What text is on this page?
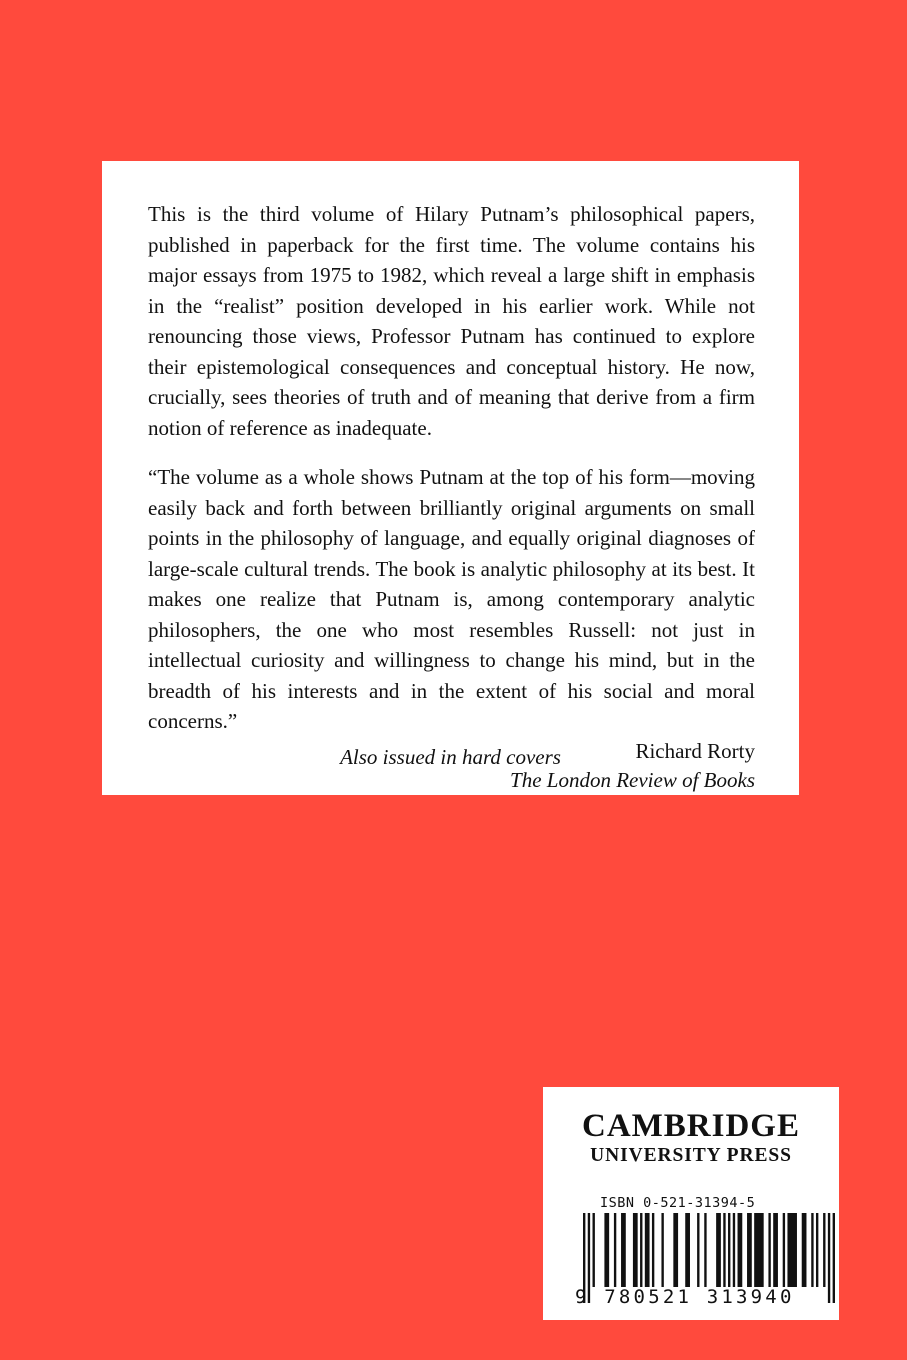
This is the third volume of Hilary Putnam’s philosophical papers, published in paperback for the first time. The volume contains his major essays from 1975 to 1982, which reveal a large shift in emphasis in the “realist” position developed in his earlier work. While not renouncing those views, Professor Putnam has continued to explore their epistemological consequences and conceptual history. He now, crucially, sees theories of truth and of meaning that derive from a firm notion of reference as inadequate.

“The volume as a whole shows Putnam at the top of his form—moving easily back and forth between brilliantly original arguments on small points in the philosophy of language, and equally original diagnoses of large-scale cultural trends. The book is analytic philosophy at its best. It makes one realize that Putnam is, among contemporary analytic philosophers, the one who most resembles Russell: not just in intellectual curiosity and willingness to change his mind, but in the breadth of his interests and in the extent of his social and moral concerns.”

Richard Rorty
The London Review of Books
Also issued in hard covers
CAMBRIDGE
UNIVERSITY PRESS
ISBN 0-521-31394-5
9 780521 313940
